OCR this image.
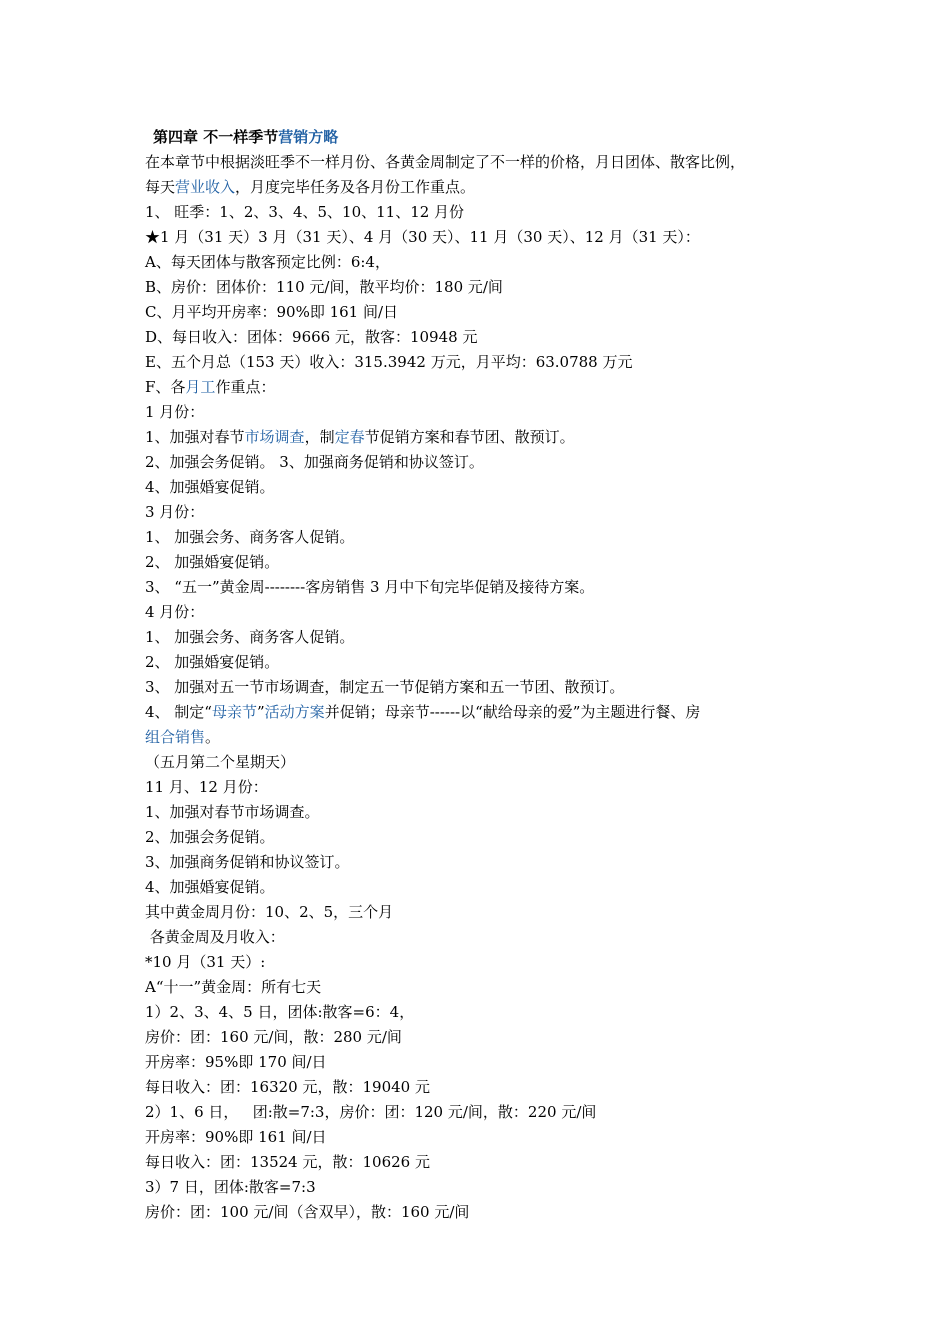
第四章 不一样季节营销方略
在本章节中根据淡旺季不一样月份、各黄金周制定了不一样的价格，月日团体、散客比例，
每天营业收入，月度完毕任务及各月份工作重点。
1、 旺季：1、2、3、4、5、10、11、12 月份
★1 月（31 天）3 月（31 天）、4 月（30 天）、11 月（30 天）、12 月（31 天）：
A、每天团体与散客预定比例：6:4，
B、房价：团体价：110 元/间，散平均价：180 元/间
C、月平均开房率：90%即 161 间/日
D、每日收入：团体：9666 元，散客：10948 元
E、五个月总（153 天）收入：315.3942 万元，月平均：63.0788 万元
F、各月工作重点：
1 月份：
1、加强对春节市场调查，制定春节促销方案和春节团、散预订。
2、加强会务促销。 3、加强商务促销和协议签订。
4、加强婚宴促销。
3 月份：
1、 加强会务、商务客人促销。
2、 加强婚宴促销。
3、 “五一”黄金周--------客房销售 3 月中下旬完毕促销及接待方案。
4 月份：
1、 加强会务、商务客人促销。
2、 加强婚宴促销。
3、 加强对五一节市场调查，制定五一节促销方案和五一节团、散预订。
4、 制定“母亲节”活动方案并促销；母亲节------以“献给母亲的爱”为主题进行餐、房
组合销售。
（五月第二个星期天）
11 月、12 月份：
1、加强对春节市场调查。
2、加强会务促销。
3、加强商务促销和协议签订。
4、加强婚宴促销。
其中黄金周月份：10、2、5，三个月
各黄金周及月收入：
*10 月（31 天）:
A“十一”黄金周：所有七天
1）2、3、4、5 日，团体:散客=6：4，
房价：团：160 元/间，散：280 元/间
开房率：95%即 170 间/日
每日收入：团：16320 元，散：19040 元
2）1、6 日，   团:散=7:3，房价：团：120 元/间，散：220 元/间
开房率：90%即 161 间/日
每日收入：团：13524 元，散：10626 元
3）7 日，团体:散客=7:3
房价：团：100 元/间（含双早），散：160 元/间
